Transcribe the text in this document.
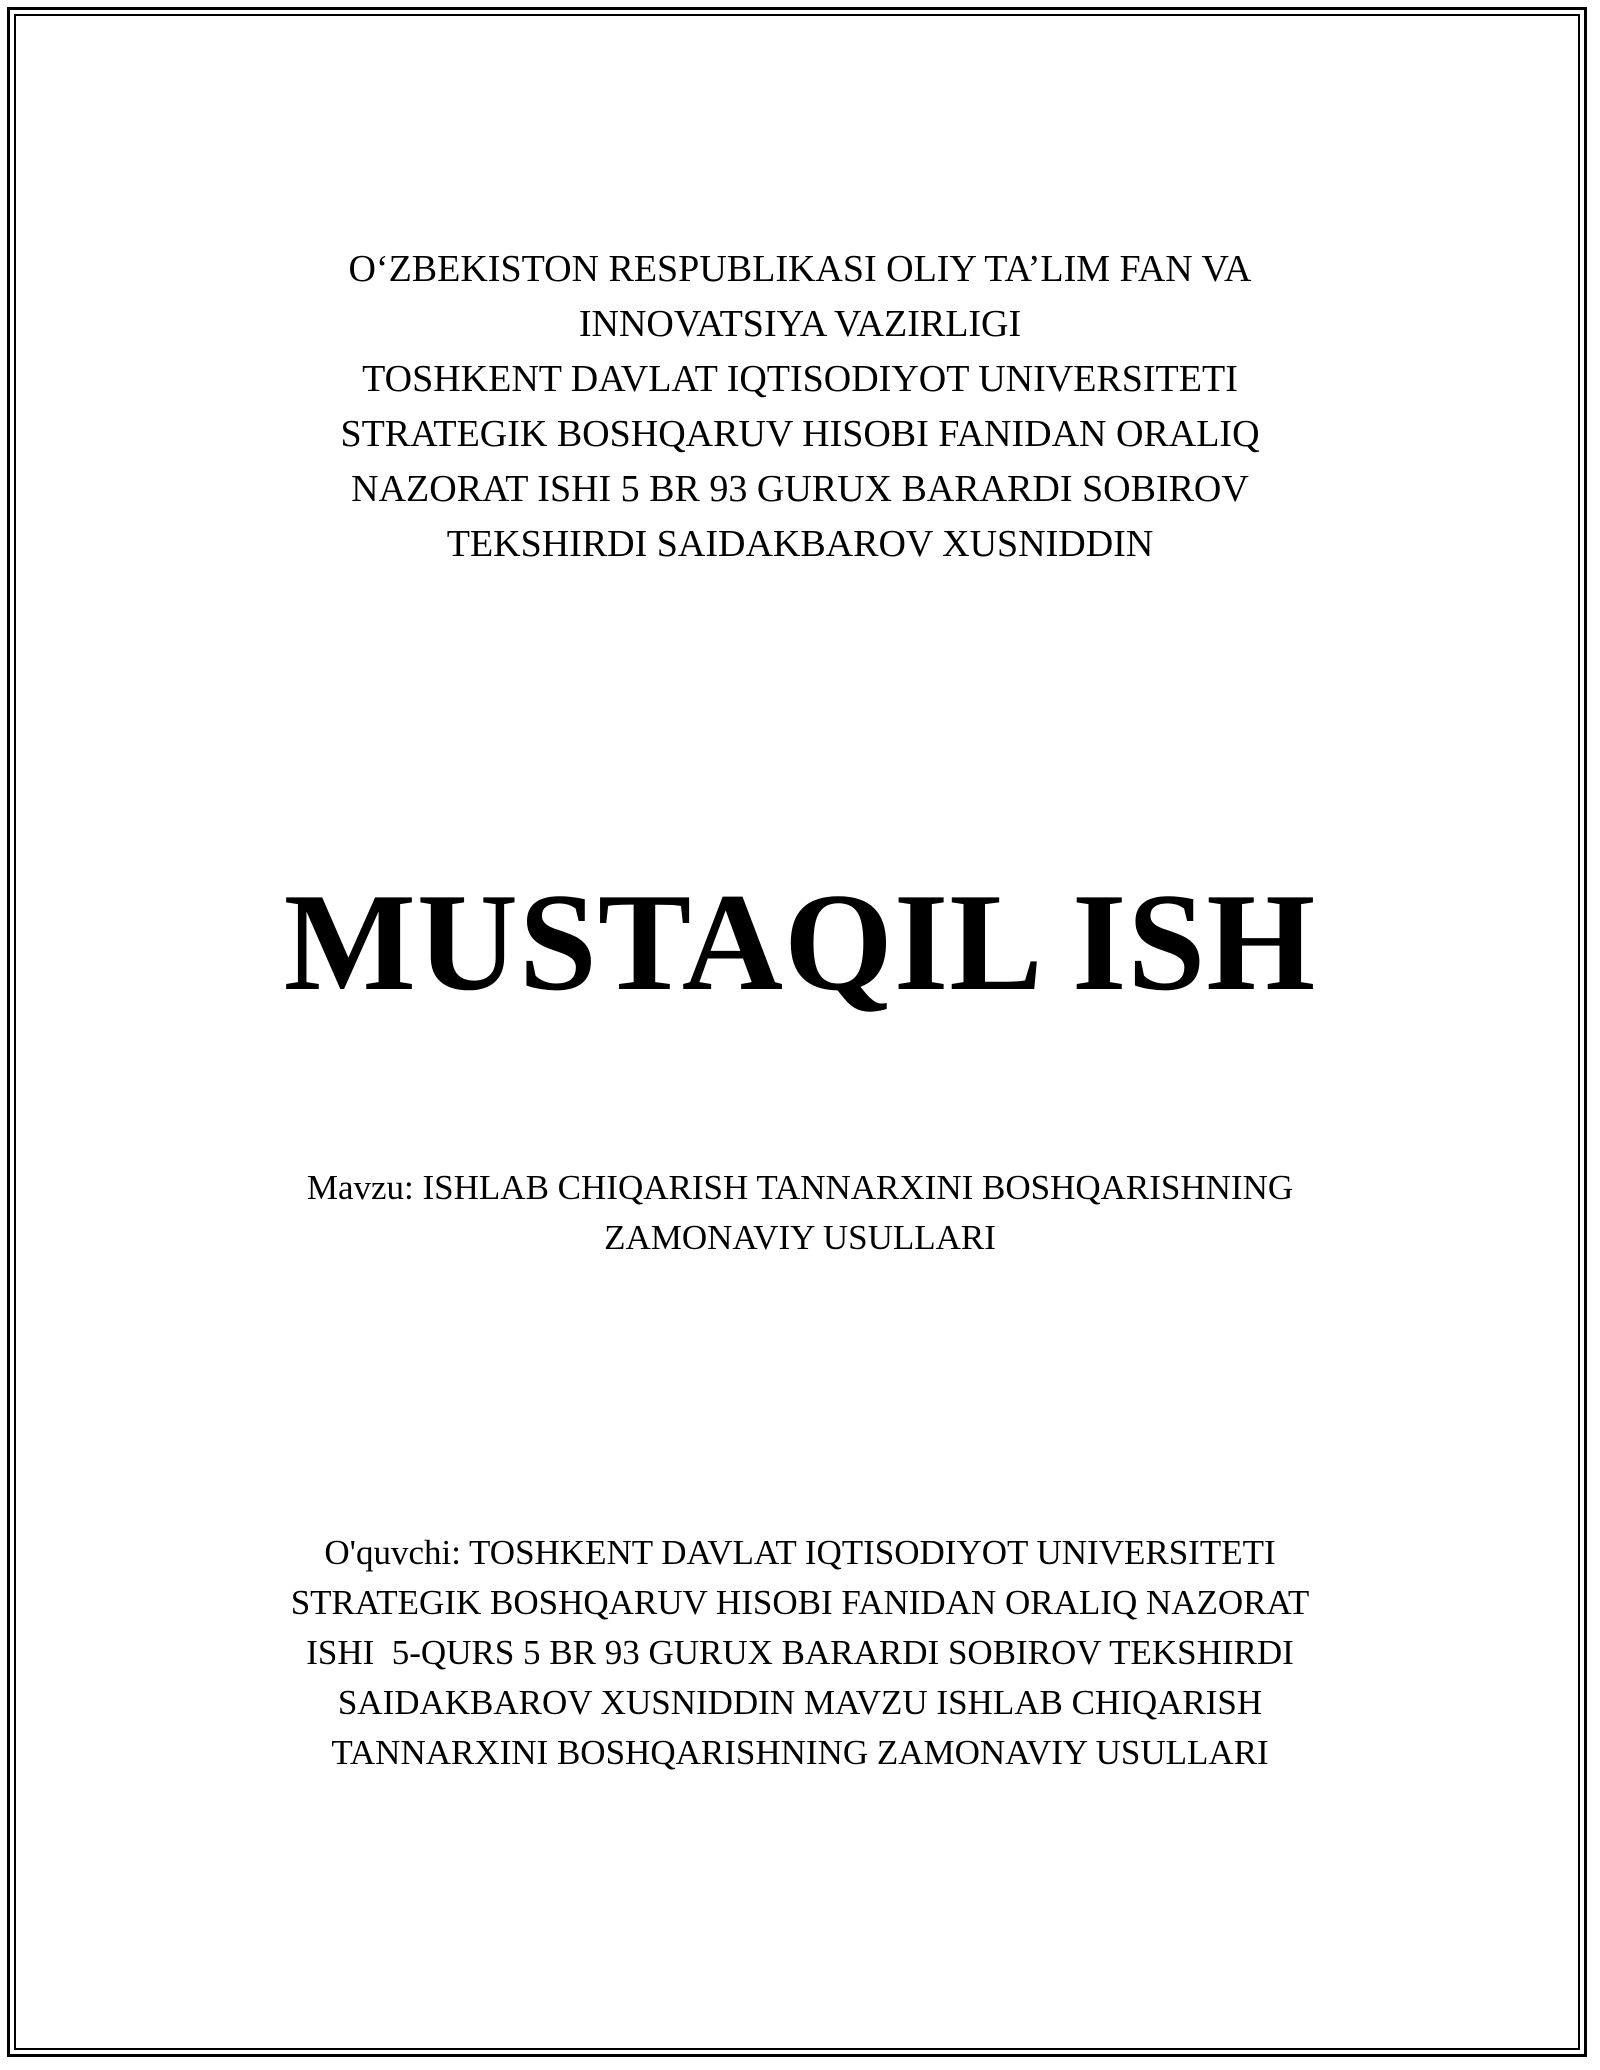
O‘ZBEKISTON RESPUBLIKASI OLIY TA’LIM FAN VA
INNOVATSIYA VAZIRLIGI
TOSHKENT DAVLAT IQTISODIYOT UNIVERSITETI
STRATEGIK BOSHQARUV HISOBI FANIDAN ORALIQ
NAZORAT ISHI 5 BR 93 GURUX BARARDI SOBIROV
TEKSHIRDI SAIDAKBAROV XUSNIDDIN
MUSTAQIL ISH
Mavzu: ISHLAB CHIQARISH TANNARXINI BOSHQARISHNING
ZAMONAVIY USULLARI
O'quvchi: TOSHKENT DAVLAT IQTISODIYOT UNIVERSITETI
STRATEGIK BOSHQARUV HISOBI FANIDAN ORALIQ NAZORAT
ISHI  5-QURS 5 BR 93 GURUX BARARDI SOBIROV TEKSHIRDI
SAIDAKBAROV XUSNIDDIN MAVZU ISHLAB CHIQARISH
TANNARXINI BOSHQARISHNING ZAMONAVIY USULLARI
